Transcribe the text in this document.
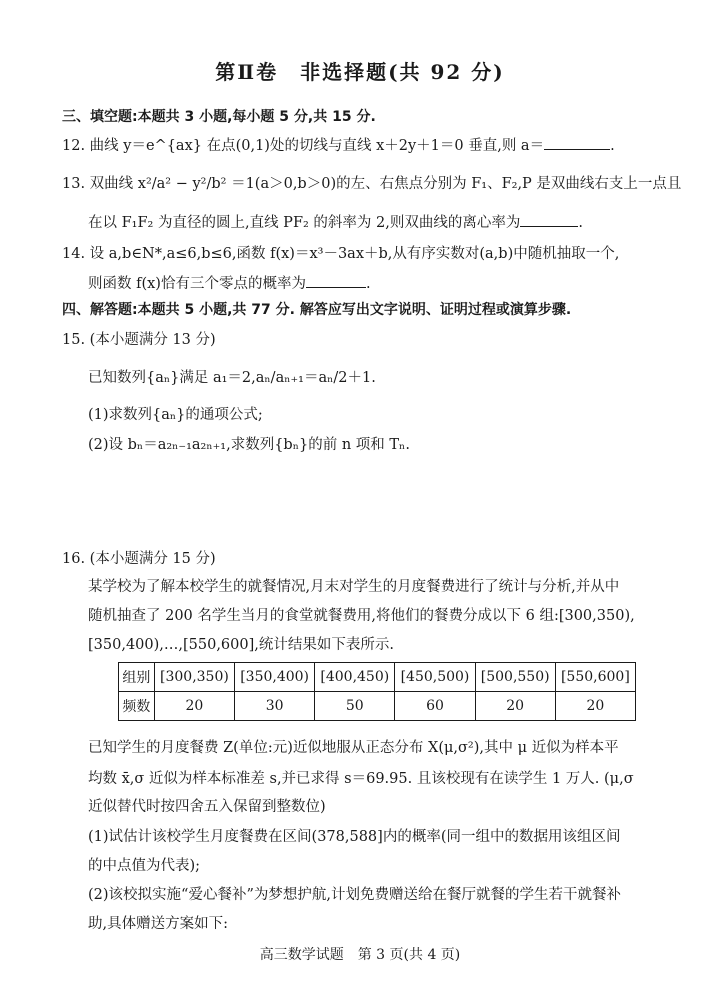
第Ⅱ卷　非选择题(共 92 分)
三、填空题:本题共 3 小题,每小题 5 分,共 15 分.
12. 曲线 y＝e^{ax} 在点(0,1)处的切线与直线 x＋2y＋1＝0 垂直,则 a＝	.
13. 双曲线 x²/a² − y²/b² ＝1(a＞0,b＞0)的左、右焦点分别为 F₁、F₂,P 是双曲线右支上一点且
在以 F₁F₂ 为直径的圆上,直线 PF₂ 的斜率为 2,则双曲线的离心率为	.
14. 设 a,b∈N*,a≤6,b≤6,函数 f(x)＝x³－3ax＋b,从有序实数对(a,b)中随机抽取一个,
则函数 f(x)恰有三个零点的概率为	.
四、解答题:本题共 5 小题,共 77 分. 解答应写出文字说明、证明过程或演算步骤.
15. (本小题满分 13 分)
已知数列{aₙ}满足 a₁＝2,aₙ/aₙ₊₁＝aₙ/2＋1.
(1)求数列{aₙ}的通项公式;
(2)设 bₙ＝a₂ₙ₋₁a₂ₙ₊₁,求数列{bₙ}的前 n 项和 Tₙ.
16. (本小题满分 15 分)
某学校为了解本校学生的就餐情况,月末对学生的月度餐费进行了统计与分析,并从中
随机抽查了 200 名学生当月的食堂就餐费用,将他们的餐费分成以下 6 组:[300,350),
[350,400),…,[550,600],统计结果如下表所示.
组别	[300,350)	[350,400)	[400,450)	[450,500)	[500,550)	[550,600]
频数	20	30	50	60	20	20
已知学生的月度餐费 Z(单位:元)近似地服从正态分布 X(μ,σ²),其中 μ 近似为样本平
均数 x̄,σ 近似为样本标准差 s,并已求得 s＝69.95. 且该校现有在读学生 1 万人. (μ,σ
近似替代时按四舍五入保留到整数位)
(1)试估计该校学生月度餐费在区间(378,588]内的概率(同一组中的数据用该组区间
的中点值为代表);
(2)该校拟实施“爱心餐补”为梦想护航,计划免费赠送给在餐厅就餐的学生若干就餐补
助,具体赠送方案如下:
高三数学试题　第 3 页(共 4 页)
